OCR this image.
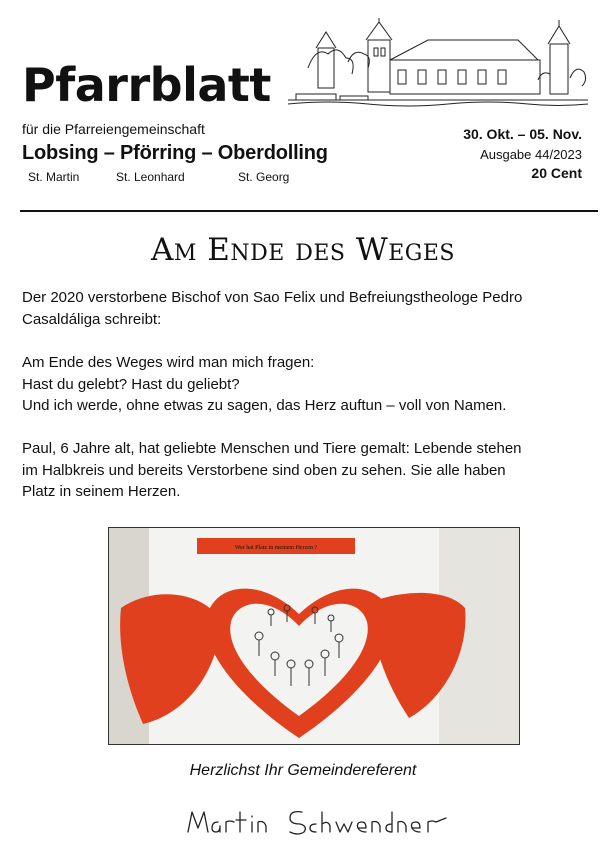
Pfarrblatt
für die Pfarreiengemeinschaft
Lobsing – Pförring – Oberdolling
St. Martin	St. Leonhard	St. Georg
30. Okt. – 05. Nov.
Ausgabe 44/2023
20 Cent
Am Ende des Weges
Der 2020 verstorbene Bischof von Sao Felix und Befreiungstheologe Pedro
Casaldáliga schreibt:
Am Ende des Weges wird man mich fragen:
Hast du gelebt? Hast du geliebt?
Und ich werde, ohne etwas zu sagen, das Herz auftun – voll von Namen.
Paul, 6 Jahre alt, hat geliebte Menschen und Tiere gemalt: Lebende stehen
im Halbkreis und bereits Verstorbene sind oben zu sehen. Sie alle haben
Platz in seinem Herzen.
Wer hat Platz in meinem Herzen ?
Herzlichst Ihr Gemeindereferent
